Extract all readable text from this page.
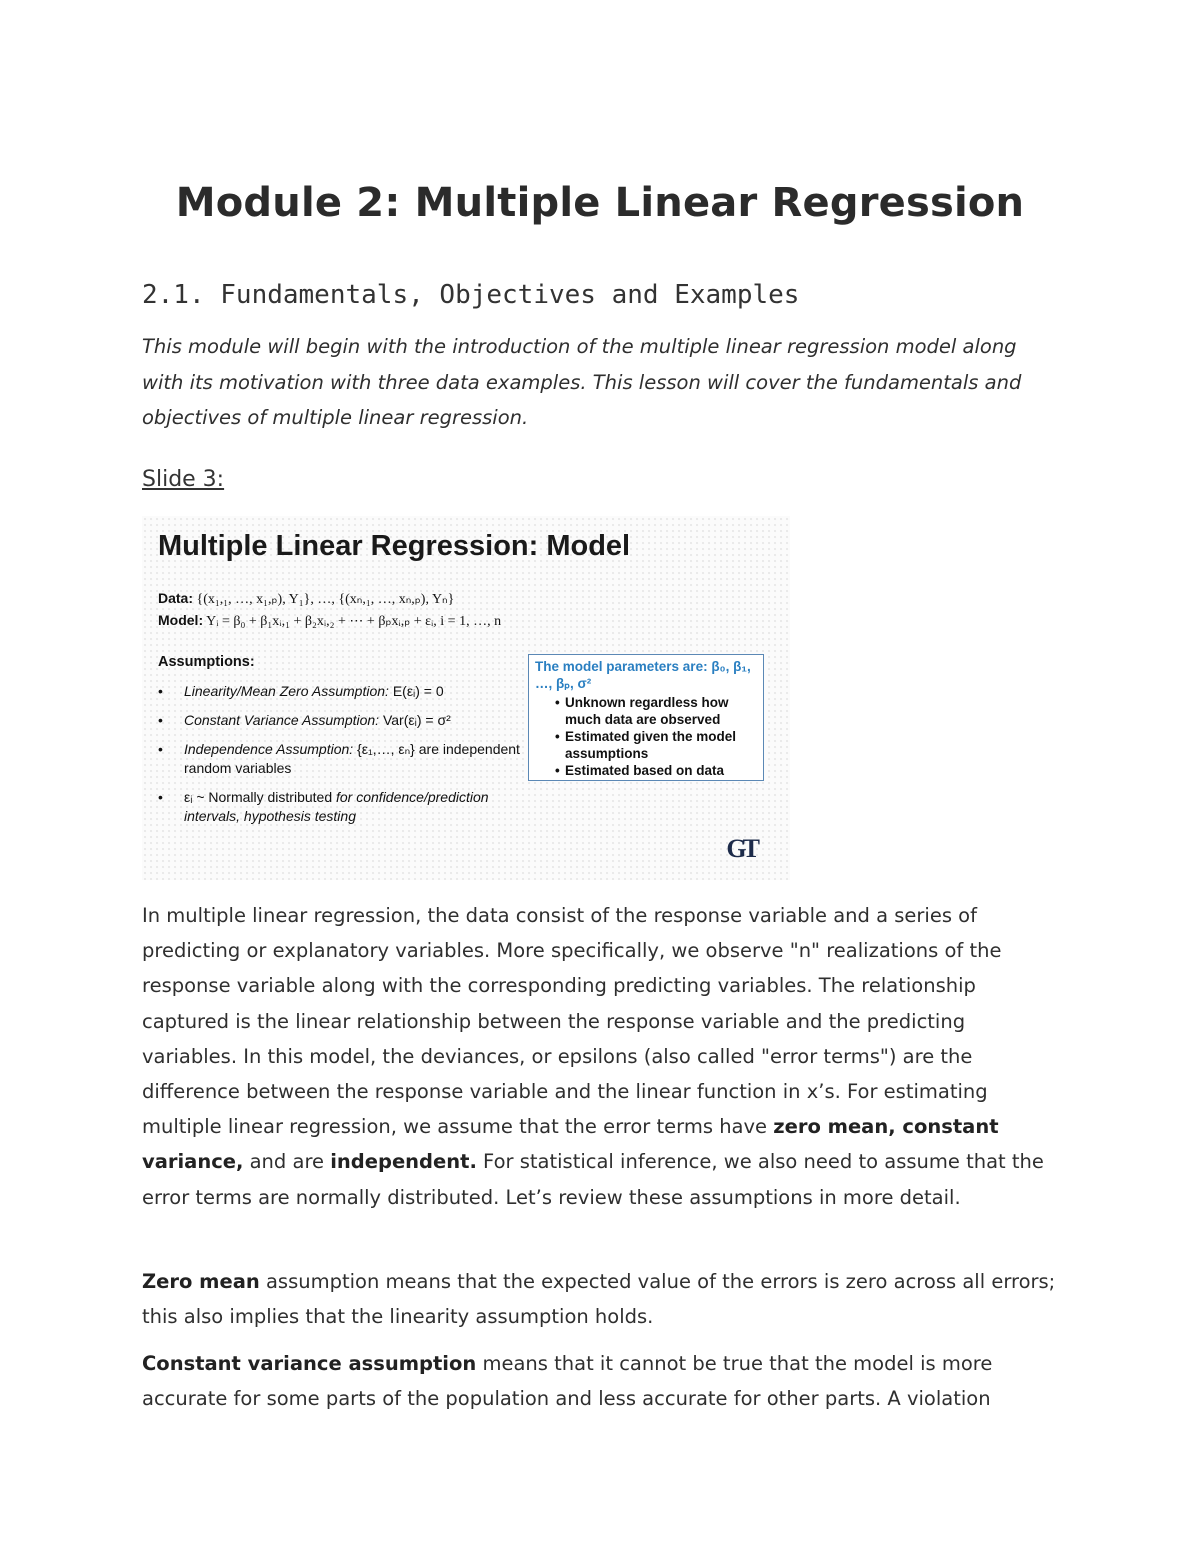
Module 2: Multiple Linear Regression
2.1. Fundamentals, Objectives and Examples

This module will begin with the introduction of the multiple linear regression model along with its motivation with three data examples. This lesson will cover the fundamentals and objectives of multiple linear regression.

Slide 3:

Multiple Linear Regression: Model
Data: {(x₁,₁, …, x₁,ₚ), Y₁}, …, {(xₙ,₁, …, xₙ,ₚ), Yₙ}
Model: Yᵢ = β₀ + β₁xᵢ,₁ + β₂xᵢ,₂ + ⋯ + βₚxᵢ,ₚ + εᵢ, i = 1, …, n

Assumptions:

• Linearity/Mean Zero Assumption: E(εᵢ) = 0
• Constant Variance Assumption: Var(εᵢ) = σ²
• Independence Assumption: {ε₁,…, εₙ} are independent random variables
• εᵢ ~ Normally distributed for confidence/prediction intervals, hypothesis testing
The model parameters are: β₀, β₁, …, βₚ, σ²
• Unknown regardless how much data are observed
• Estimated given the model assumptions
• Estimated based on data
GT

In multiple linear regression, the data consist of the response variable and a series of predicting or explanatory variables. More specifically, we observe "n" realizations of the response variable along with the corresponding predicting variables. The relationship captured is the linear relationship between the response variable and the predicting variables. In this model, the deviances, or epsilons (also called "error terms") are the difference between the response variable and the linear function in x’s. For estimating multiple linear regression, we assume that the error terms have zero mean, constant variance, and are independent. For statistical inference, we also need to assume that the error terms are normally distributed. Let’s review these assumptions in more detail.

Zero mean assumption means that the expected value of the errors is zero across all errors; this also implies that the linearity assumption holds.

Constant variance assumption means that it cannot be true that the model is more accurate for some parts of the population and less accurate for other parts. A violation
